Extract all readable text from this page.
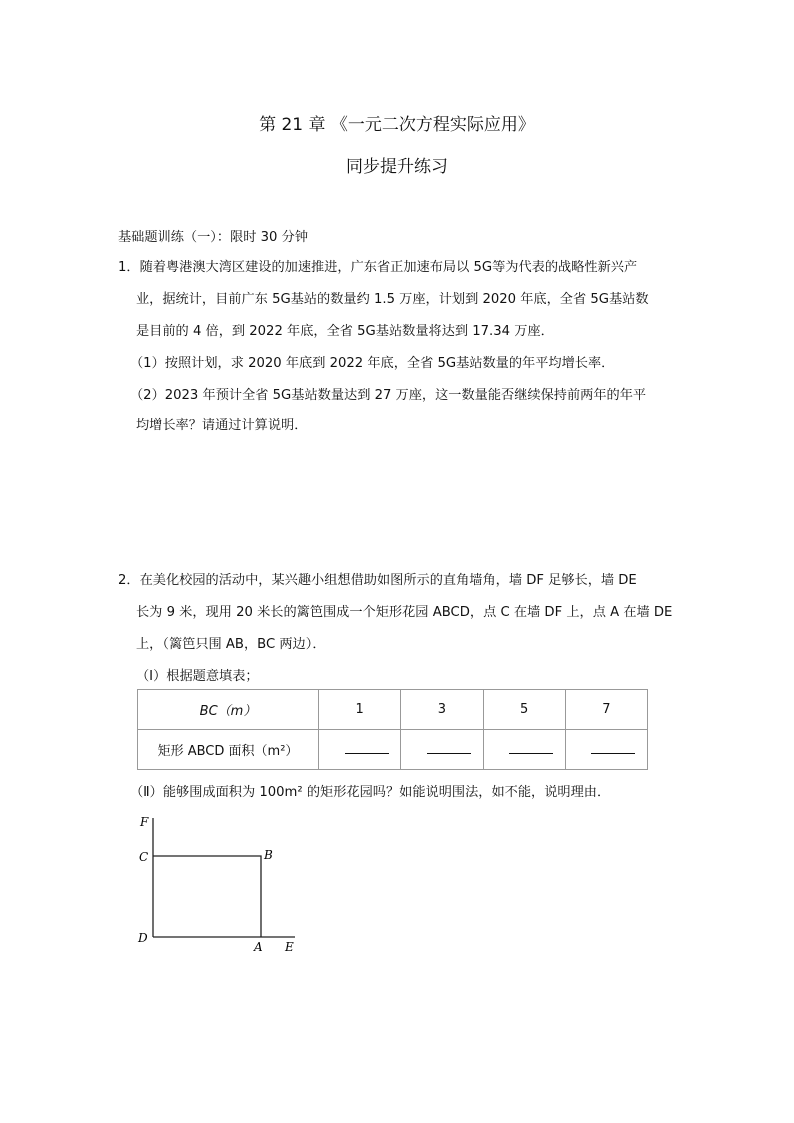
第 21 章 《一元二次方程实际应用》
同步提升练习
基础题训练（一）：限时 30 分钟
1．随着粤港澳大湾区建设的加速推进，广东省正加速布局以 5G等为代表的战略性新兴产
业，据统计，目前广东 5G基站的数量约 1.5 万座，计划到 2020 年底，全省 5G基站数
是目前的 4 倍，到 2022 年底，全省 5G基站数量将达到 17.34 万座．
（1）按照计划，求 2020 年底到 2022 年底，全省 5G基站数量的年平均增长率．
（2）2023 年预计全省 5G基站数量达到 27 万座，这一数量能否继续保持前两年的年平
均增长率？请通过计算说明．
2．在美化校园的活动中，某兴趣小组想借助如图所示的直角墙角，墙 DF 足够长，墙 DE
长为 9 米，现用 20 米长的篱笆围成一个矩形花园 ABCD，点 C 在墙 DF 上，点 A 在墙 DE
上，（篱笆只围 AB，BC 两边）．
（Ⅰ）根据题意填表；
BC（m）	1	3	5	7
矩形 ABCD 面积（m²）				
（Ⅱ）能够围成面积为 100m² 的矩形花园吗？如能说明围法，如不能，说明理由．
F
C	B
D
A E
